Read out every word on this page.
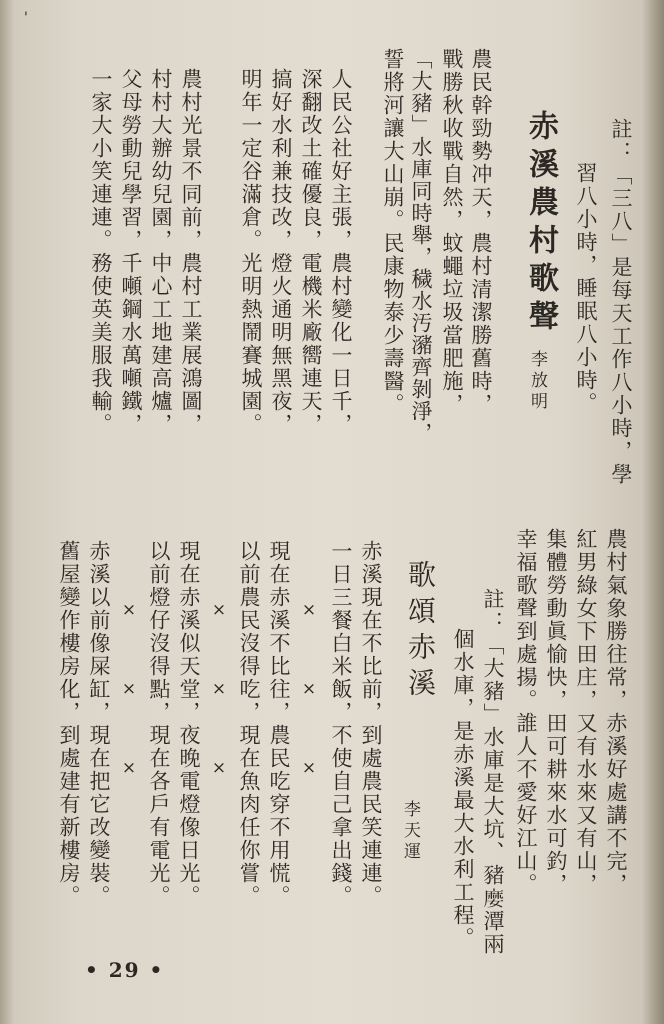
'
註：「三八」是每天工作八小時，學
習八小時，睡眠八小時。
赤溪農村歌聲
李放明
農民幹勁勢冲天，農村清潔勝舊時，
戰勝秋收戰自然，蚊蠅垃圾當肥施，
「大豬」水庫同時舉，穢水汚瀦齊剝淨，
誓將河讓大山崩。民康物泰少壽醫。
人民公社好主張，農村變化一日千，
深翻改土確優良，電機米廠嚮連天，
搞好水利兼技改，燈火通明無黑夜，
明年一定谷滿倉。光明熱鬧賽城園。
農村光景不同前，農村工業展鴻圖，
村村大辦幼兒園，中心工地建高爐，
父母勞動兒學習，千噸鋼水萬噸鐵，
一家大小笑連連。務使英美服我輸。
農村氣象勝往常，赤溪好處講不完，
紅男綠女下田庄，又有水來又有山，
集體勞動眞愉快，田可耕來水可釣，
幸福歌聲到處揚。誰人不愛好江山。
註：「大豬」水庫是大坑、豬𡡉潭兩
個水庫，是赤溪最大水利工程。
歌頌赤溪
李天運
赤溪現在不比前，到處農民笑連連。
一日三餐白米飯，不使自己拿出錢。
×　　　×　　　×
現在赤溪不比往，農民吃穿不用慌。
以前農民沒得吃，現在魚肉任你嘗。
×　　　×　　　×
現在赤溪似天堂，夜晚電燈像日光。
以前燈仔沒得點，現在各戶有電光。
×　　　×　　　×
赤溪以前像屎缸，現在把它改變裝。
舊屋變作樓房化，到處建有新樓房。
• 29 •
